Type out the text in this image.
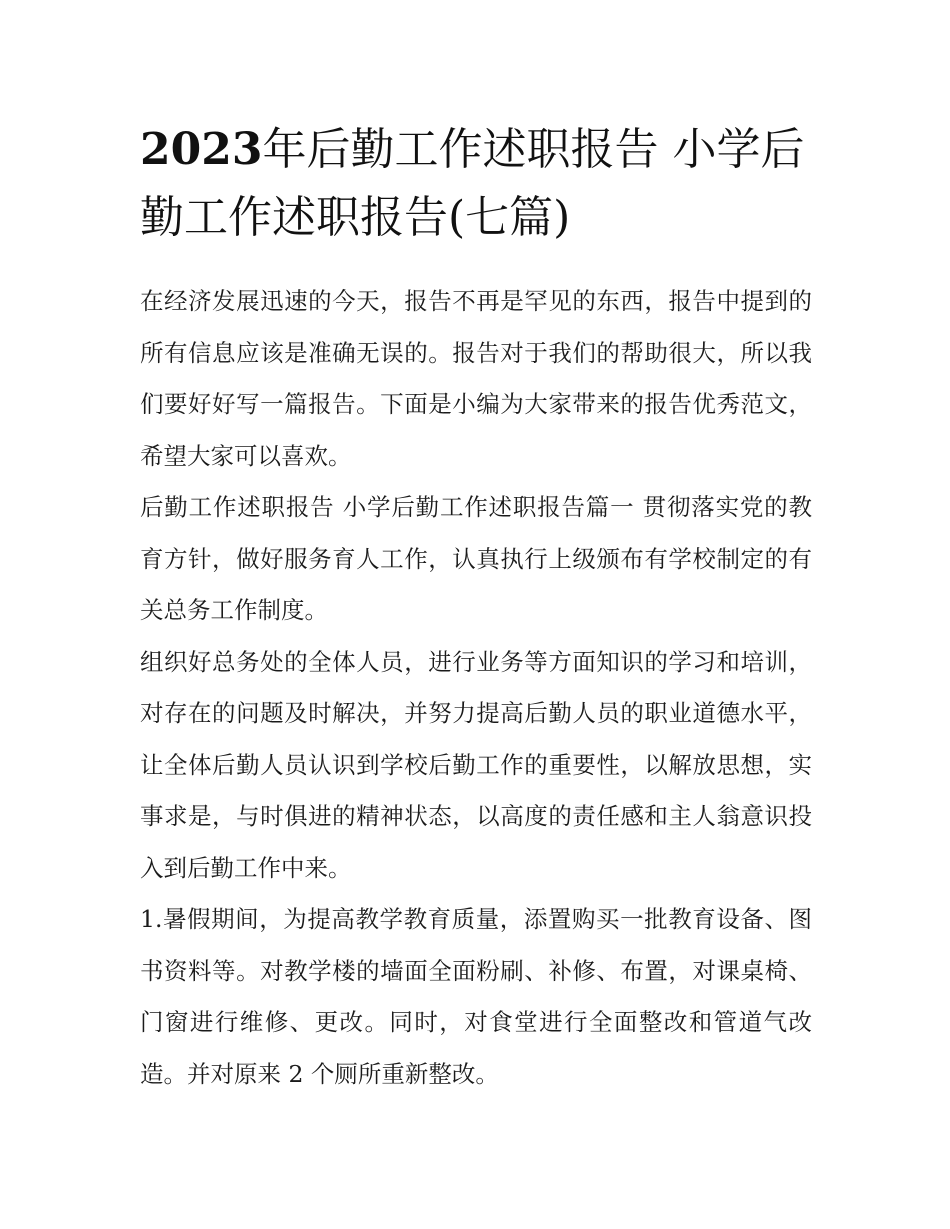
2023年后勤工作述职报告 小学后勤工作述职报告(七篇)

在经济发展迅速的今天，报告不再是罕见的东西，报告中提到的所有信息应该是准确无误的。报告对于我们的帮助很大，所以我们要好好写一篇报告。下面是小编为大家带来的报告优秀范文，希望大家可以喜欢。

后勤工作述职报告 小学后勤工作述职报告篇一 贯彻落实党的教育方针，做好服务育人工作，认真执行上级颁布有学校制定的有关总务工作制度。

组织好总务处的全体人员，进行业务等方面知识的学习和培训，对存在的问题及时解决，并努力提高后勤人员的职业道德水平，让全体后勤人员认识到学校后勤工作的重要性，以解放思想，实事求是，与时俱进的精神状态，以高度的责任感和主人翁意识投入到后勤工作中来。

1.暑假期间，为提高教学教育质量，添置购买一批教育设备、图书资料等。对教学楼的墙面全面粉刷、补修、布置，对课桌椅、门窗进行维修、更改。同时，对食堂进行全面整改和管道气改造。并对原来 2 个厕所重新整改。
